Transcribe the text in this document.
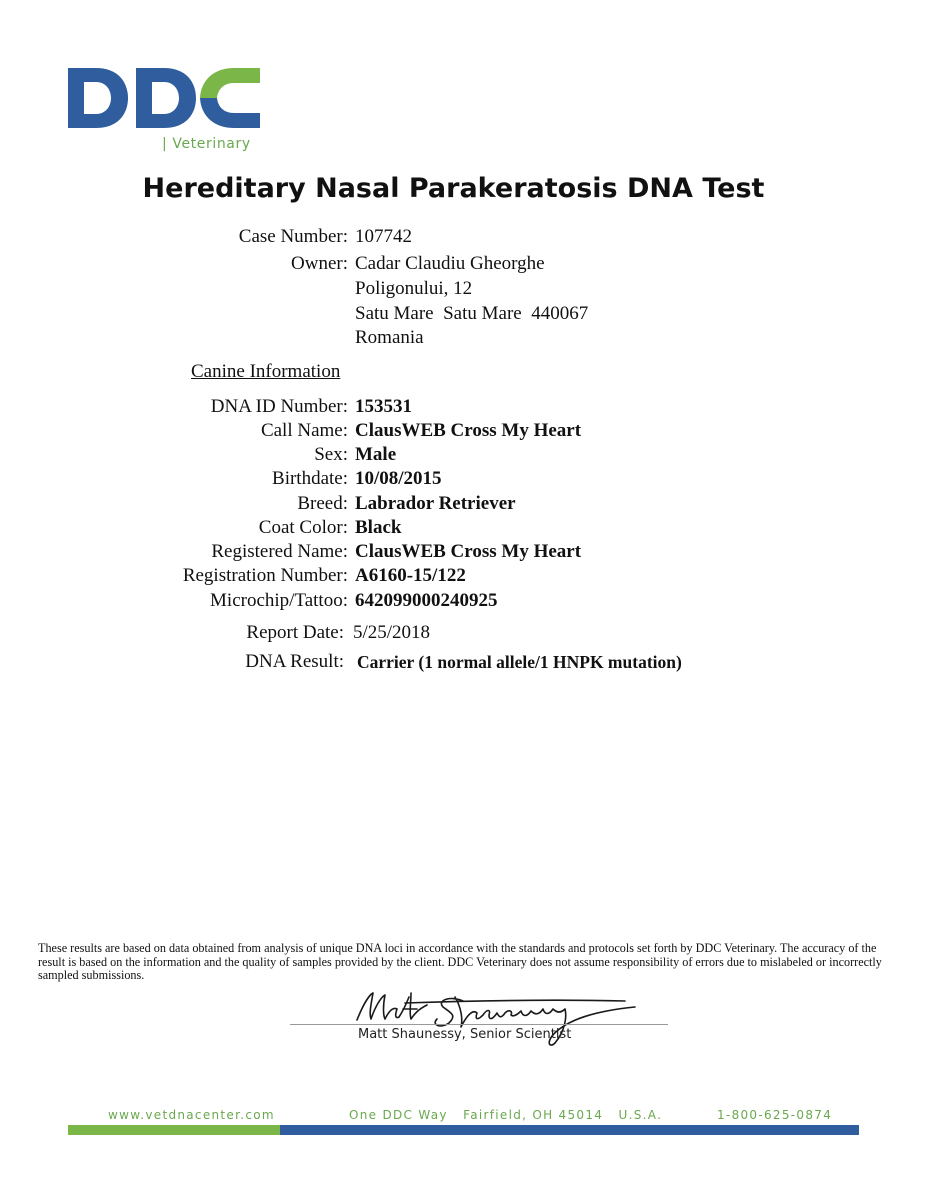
| Veterinary
Hereditary Nasal Parakeratosis DNA Test
Case Number: 107742
Owner: Cadar Claudiu Gheorghe
Poligonului, 12
Satu Mare  Satu Mare  440067
Romania
Canine Information
DNA ID Number: 153531
Call Name: ClausWEB Cross My Heart
Sex: Male
Birthdate: 10/08/2015
Breed: Labrador Retriever
Coat Color: Black
Registered Name: ClausWEB Cross My Heart
Registration Number: A6160-15/122
Microchip/Tattoo: 642099000240925
Report Date: 5/25/2018
DNA Result: Carrier (1 normal allele/1 HNPK mutation)
These results are based on data obtained from analysis of unique DNA loci in accordance with the standards and protocols set forth by DDC Veterinary. The accuracy of the result is based on the information and the quality of samples provided by the client. DDC Veterinary does not assume responsibility of errors due to mislabeled or incorrectly sampled submissions.
Matt Shaunessy, Senior Scientist
www.vetdnacenter.com	One DDC Way   Fairfield, OH 45014   U.S.A.	1-800-625-0874
